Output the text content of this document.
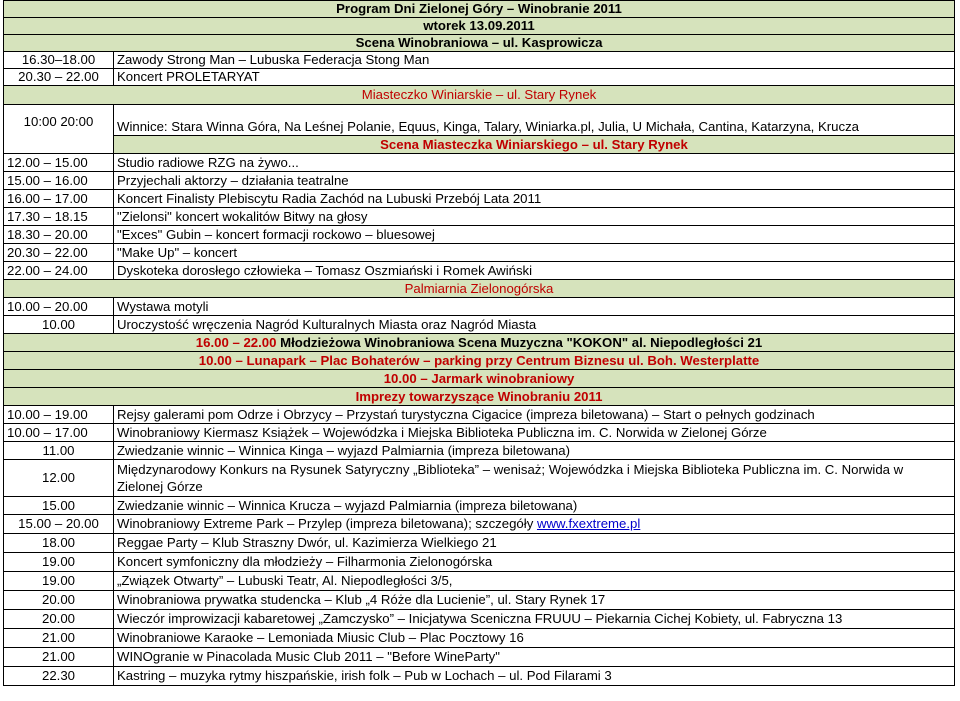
Program Dni Zielonej Góry – Winobranie 2011	
wtorek 13.09.2011	
Scena Winobraniowa – ul. Kasprowicza	
16.30–18.00	Zawody Strong Man – Lubuska Federacja Stong Man
20.30 – 22.00	Koncert PROLETARYAT
Miasteczko Winiarskie – ul. Stary Rynek	
10:00 20:00	Winnice: Stara Winna Góra, Na Leśnej Polanie, Equus, Kinga, Talary, Winiarka.pl, Julia, U Michała, Cantina, Katarzyna, Krucza
	Scena Miasteczka Winiarskiego – ul. Stary Rynek
12.00 – 15.00	Studio radiowe RZG na żywo...
15.00 – 16.00	Przyjechali aktorzy – działania teatralne
16.00 – 17.00	Koncert Finalisty Plebiscytu Radia Zachód na Lubuski Przebój Lata 2011
17.30 – 18.15	"Zielonsi" koncert wokalitów Bitwy na głosy
18.30 – 20.00	"Exces" Gubin – koncert formacji rockowo – bluesowej
20.30 – 22.00	"Make Up" – koncert
22.00 – 24.00	Dyskoteka dorosłego człowieka – Tomasz Oszmiański i Romek Awiński
Palmiarnia Zielonogórska	
10.00 – 20.00	Wystawa motyli
10.00	Uroczystość wręczenia Nagród Kulturalnych Miasta oraz Nagród Miasta
16.00 – 22.00 Młodzieżowa Winobraniowa Scena Muzyczna "KOKON" al. Niepodległości 21	
10.00 – Lunapark – Plac Bohaterów – parking przy Centrum Biznesu ul. Boh. Westerplatte	
10.00 – Jarmark winobraniowy	
Imprezy towarzyszące Winobraniu 2011	
10.00 – 19.00	Rejsy galerami pom Odrze i Obrzycy – Przystań turystyczna Cigacice (impreza biletowana) – Start o pełnych godzinach
10.00 – 17.00	Winobraniowy Kiermasz Książek – Wojewódzka i Miejska Biblioteka Publiczna im. C. Norwida w Zielonej Górze
11.00	Zwiedzanie winnic – Winnica Kinga – wyjazd Palmiarnia (impreza biletowana)
12.00	Międzynarodowy Konkurs na Rysunek Satyryczny „Biblioteka” – wenisaż; Wojewódzka i Miejska Biblioteka Publiczna im. C. Norwida w Zielonej Górze
15.00	Zwiedzanie winnic – Winnica Krucza – wyjazd Palmiarnia (impreza biletowana)
15.00 – 20.00	Winobraniowy Extreme Park – Przylep (impreza biletowana); szczegóły www.fxextreme.pl
18.00	Reggae Party – Klub Straszny Dwór, ul. Kazimierza Wielkiego 21
19.00	Koncert symfoniczny dla młodzieży – Filharmonia Zielonogórska
19.00	„Związek Otwarty” – Lubuski Teatr, Al. Niepodległości 3/5,
20.00	Winobraniowa prywatka studencka – Klub „4 Róże dla Lucienie”, ul. Stary Rynek 17
20.00	Wieczór improwizacji kabaretowej „Zamczysko” – Inicjatywa Sceniczna FRUUU – Piekarnia Cichej Kobiety, ul. Fabryczna 13
21.00	Winobraniowe Karaoke – Lemoniada Miusic Club – Plac Pocztowy 16
21.00	WINOgranie w Pinacolada Music Club 2011 – "Before WineParty"
22.30	Kastring – muzyka rytmy hiszpańskie, irish folk – Pub w Lochach – ul. Pod Filarami 3
